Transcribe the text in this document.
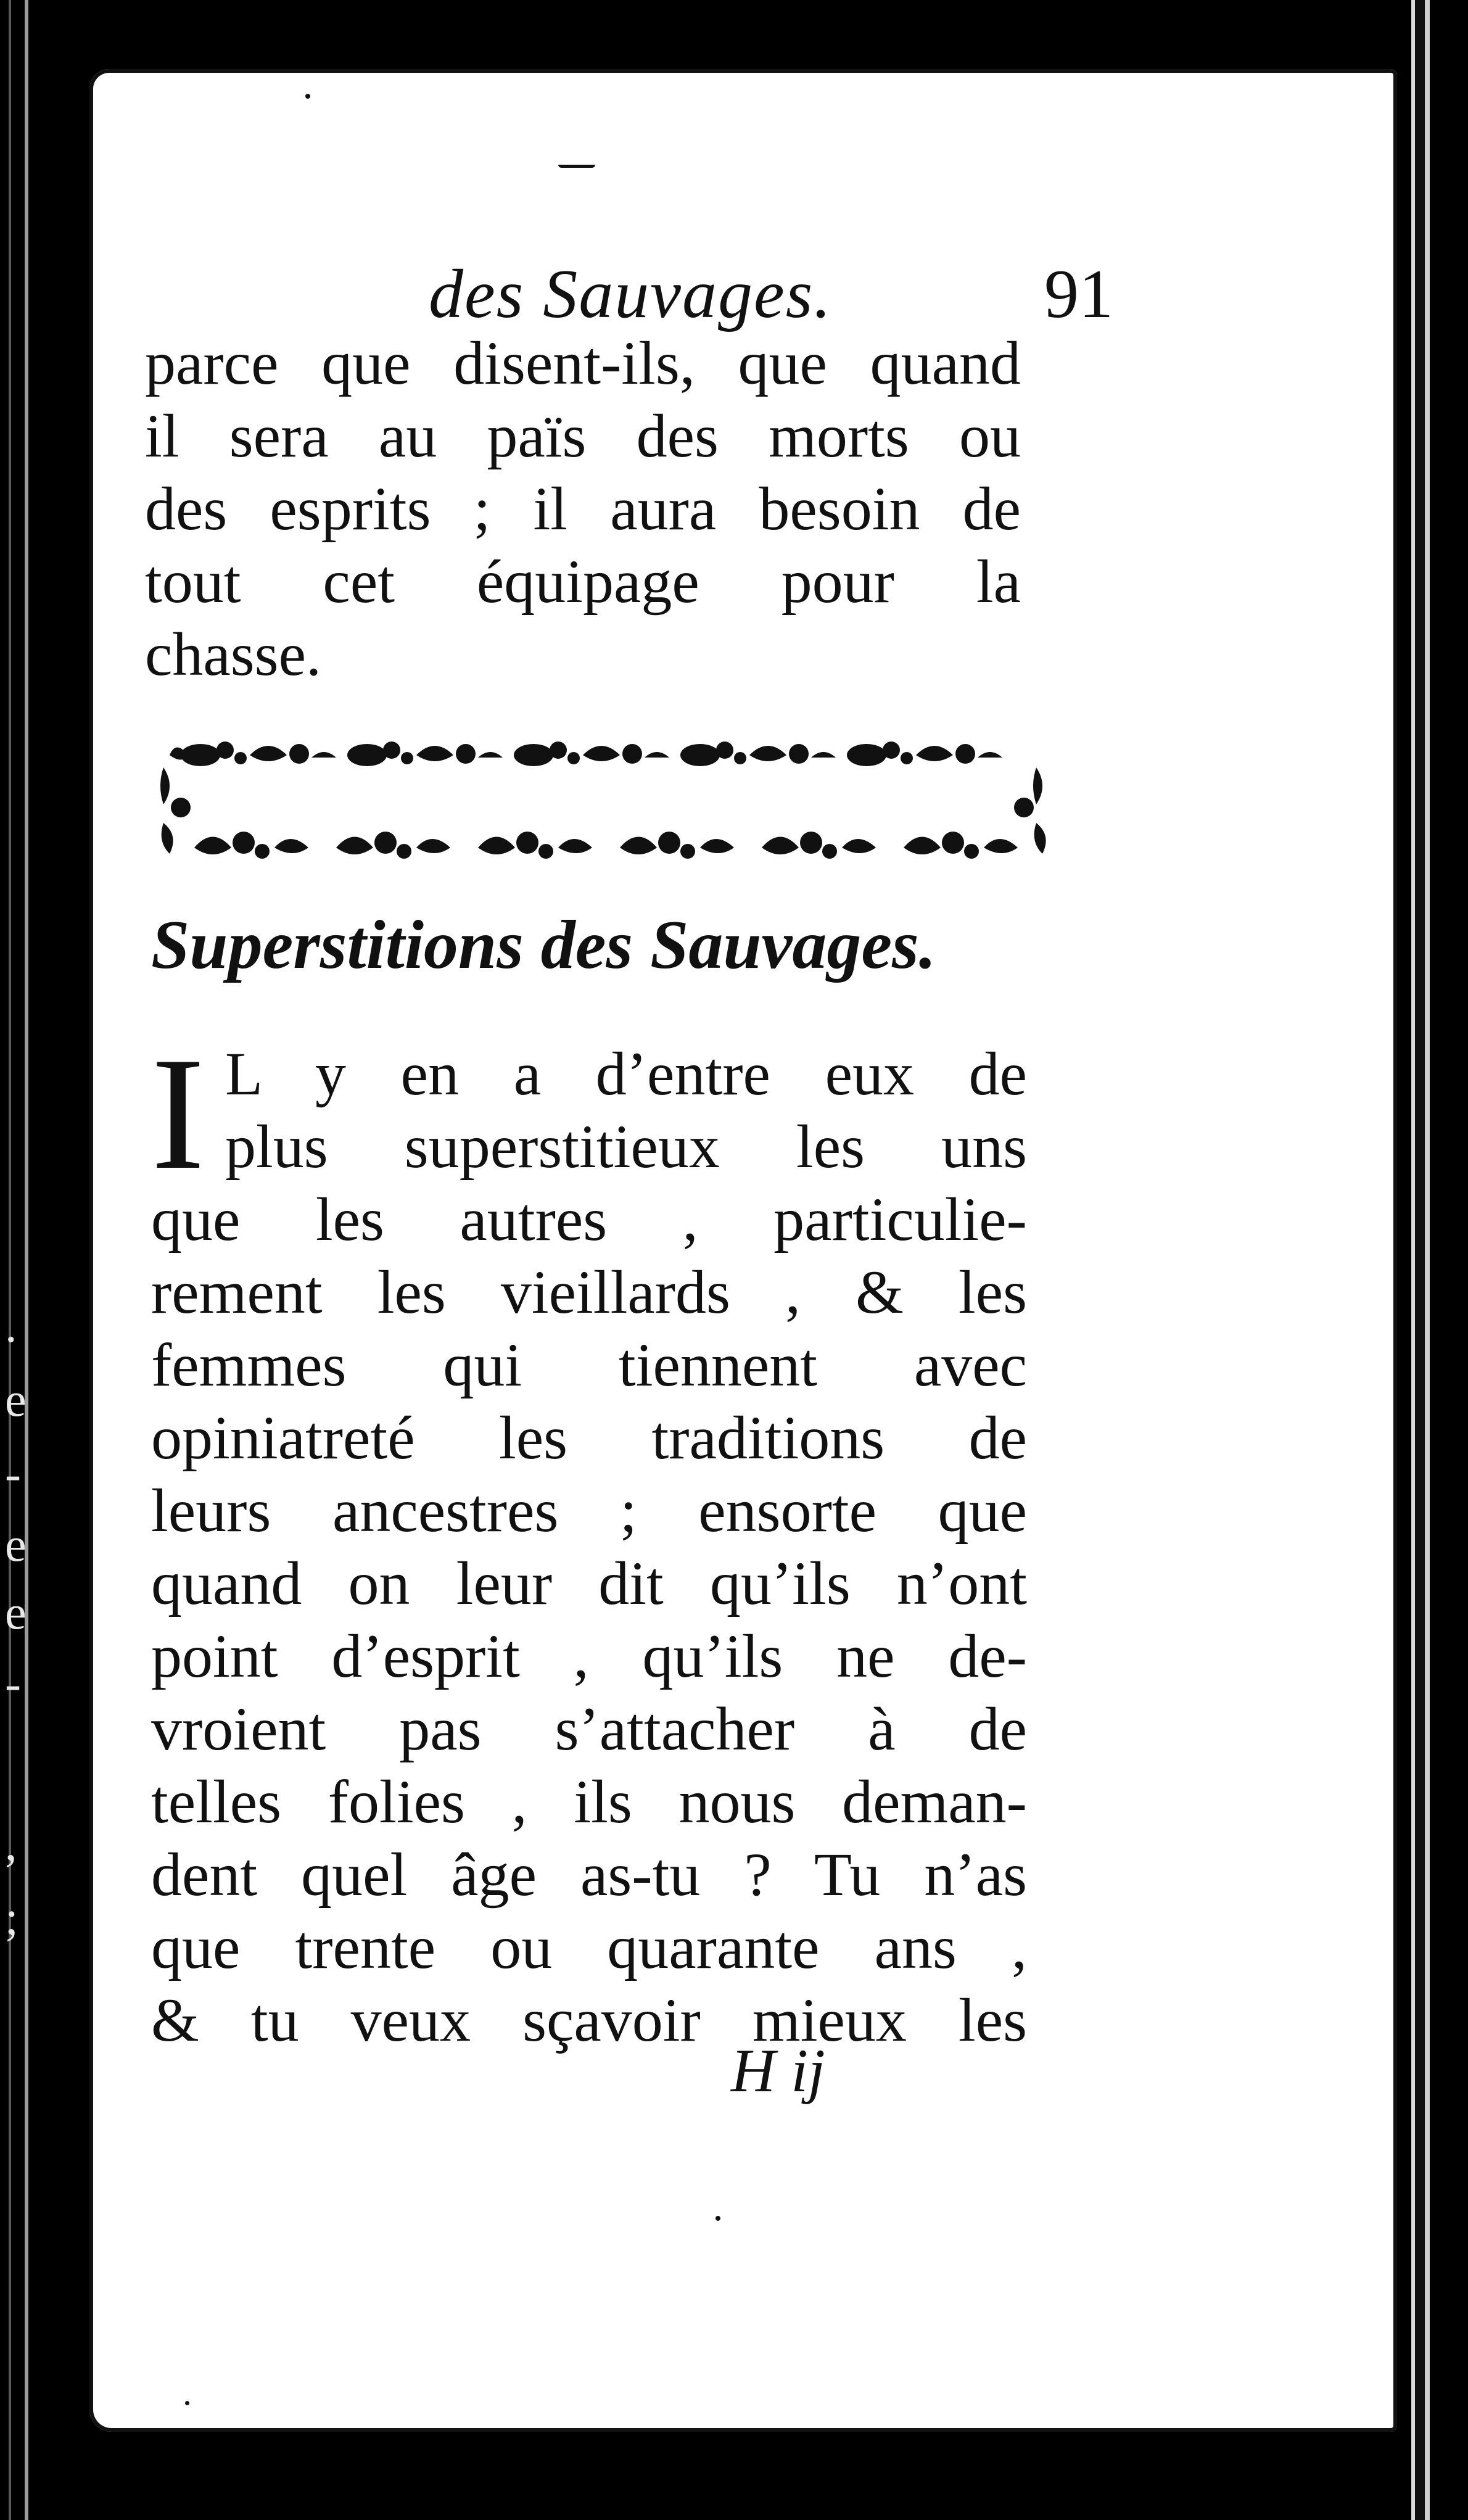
.
e
-
e
e
-
,
;
des Sauvages.	91
parce que disent-ils, que quand
il sera au païs des morts ou
des esprits ; il aura besoin de
tout cet équipage pour la
chasse.
Superstitions des Sauvages.
I L y en a d’entre eux de
plus superstitieux les uns
que les autres , particulie-
rement les vieillards , & les
femmes qui tiennent avec
opiniatreté les traditions de
leurs ancestres ; ensorte que
quand on leur dit qu’ils n’ont
point d’esprit , qu’ils ne de-
vroient pas s’attacher à de
telles folies , ils nous deman-
dent quel âge as-tu ? Tu n’as
que trente ou quarante ans ,
& tu veux sçavoir mieux les
H ij
